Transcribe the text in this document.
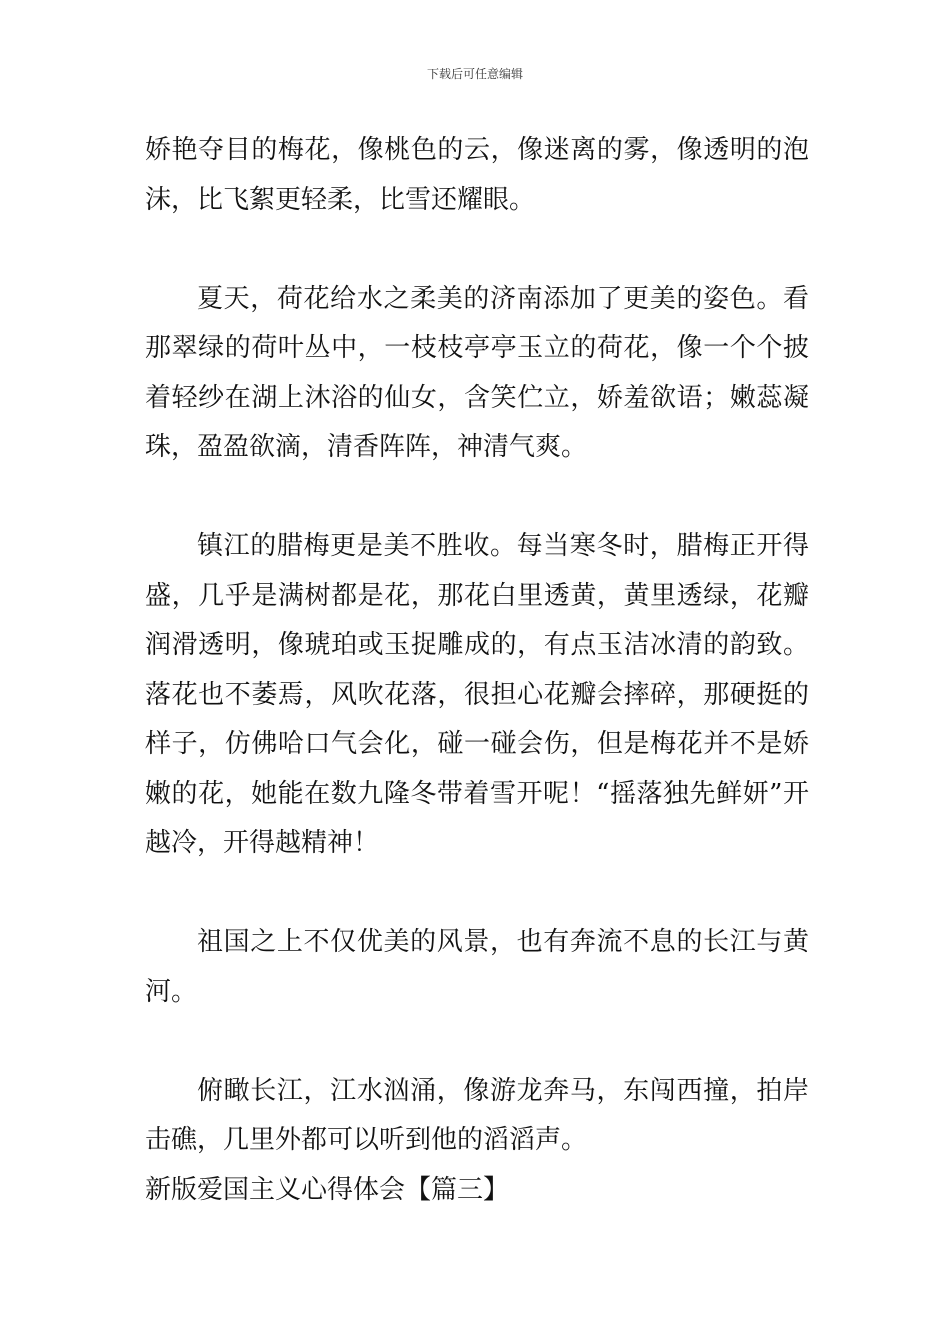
下载后可任意编辑

娇艳夺目的梅花，像桃色的云，像迷离的雾，像透明的泡沫，比飞絮更轻柔，比雪还耀眼。

夏天，荷花给水之柔美的济南添加了更美的姿色。看那翠绿的荷叶丛中，一枝枝亭亭玉立的荷花，像一个个披着轻纱在湖上沐浴的仙女，含笑伫立，娇羞欲语；嫩蕊凝珠，盈盈欲滴，清香阵阵，神清气爽。

镇江的腊梅更是美不胜收。每当寒冬时，腊梅正开得盛，几乎是满树都是花，那花白里透黄，黄里透绿，花瓣润滑透明，像琥珀或玉捉雕成的，有点玉洁冰清的韵致。落花也不萎焉，风吹花落，很担心花瓣会摔碎，那硬挺的样子，仿佛哈口气会化，碰一碰会伤，但是梅花并不是娇嫩的花，她能在数九隆冬带着雪开呢！“摇落独先鲜妍”开越冷，开得越精神！

祖国之上不仅优美的风景，也有奔流不息的长江与黄河。

俯瞰长江，江水汹涌，像游龙奔马，东闯西撞，拍岸击礁，几里外都可以听到他的滔滔声。

新版爱国主义心得体会【篇三】
